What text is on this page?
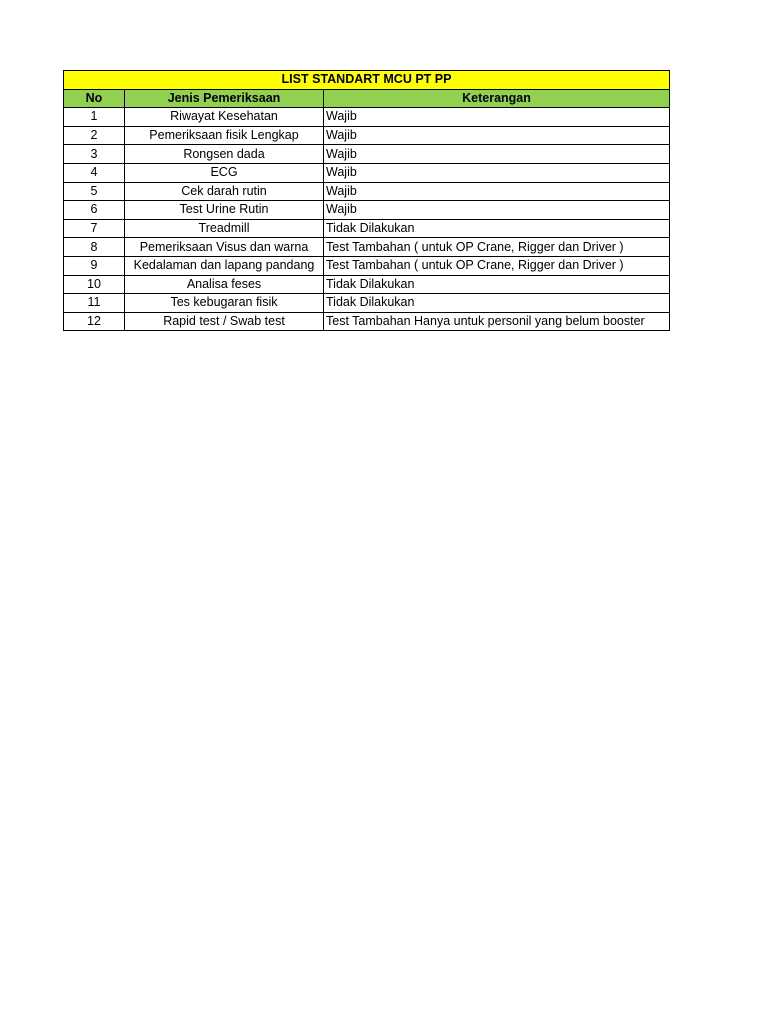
LIST STANDART MCU PT PP		
No	Jenis Pemeriksaan	Keterangan
1	Riwayat Kesehatan	Wajib
2	Pemeriksaan fisik Lengkap	Wajib
3	Rongsen dada	Wajib
4	ECG	Wajib
5	Cek darah rutin	Wajib
6	Test Urine Rutin	Wajib
7	Treadmill	Tidak Dilakukan
8	Pemeriksaan Visus dan warna	Test Tambahan ( untuk OP Crane, Rigger dan Driver )
9	Kedalaman dan lapang pandang	Test Tambahan ( untuk OP Crane, Rigger dan Driver )
10	Analisa feses	Tidak Dilakukan
11	Tes kebugaran fisik	Tidak Dilakukan
12	Rapid test / Swab test	Test Tambahan Hanya untuk personil yang belum booster
